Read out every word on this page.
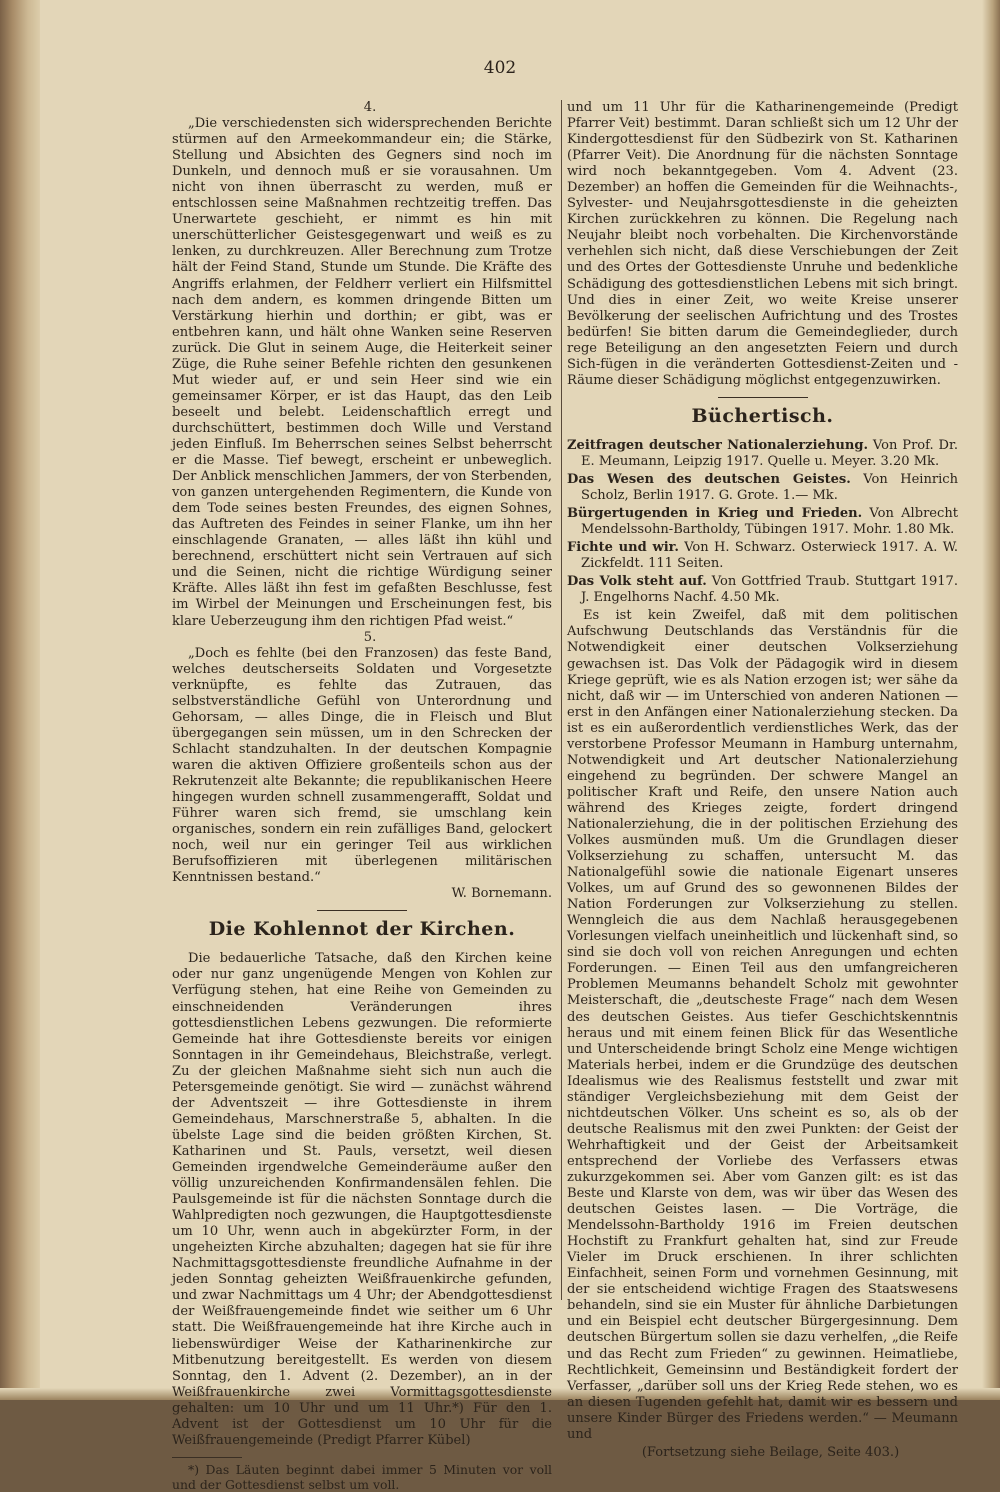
402

4.

„Die verschiedensten sich widersprechenden Berichte stürmen auf den Armeekommandeur ein; die Stärke, Stellung und Absichten des Gegners sind noch im Dunkeln, und dennoch muß er sie vorausahnen. Um nicht von ihnen überrascht zu werden, muß er entschlossen seine Maßnahmen rechtzeitig treffen. Das Unerwartete geschieht, er nimmt es hin mit unerschütterlicher Geistesgegenwart und weiß es zu lenken, zu durchkreuzen. Aller Berechnung zum Trotze hält der Feind Stand, Stunde um Stunde. Die Kräfte des Angriffs erlahmen, der Feldherr verliert ein Hilfsmittel nach dem andern, es kommen dringende Bitten um Verstärkung hierhin und dorthin; er gibt, was er entbehren kann, und hält ohne Wanken seine Reserven zurück. Die Glut in seinem Auge, die Heiterkeit seiner Züge, die Ruhe seiner Befehle richten den gesunkenen Mut wieder auf, er und sein Heer sind wie ein gemeinsamer Körper, er ist das Haupt, das den Leib beseelt und belebt. Leidenschaftlich erregt und durchschüttert, bestimmen doch Wille und Verstand jeden Einfluß. Im Beherrschen seines Selbst beherrscht er die Masse. Tief bewegt, erscheint er unbeweglich. Der Anblick menschlichen Jammers, der von Sterbenden, von ganzen untergehenden Regimentern, die Kunde von dem Tode seines besten Freundes, des eignen Sohnes, das Auftreten des Feindes in seiner Flanke, um ihn her einschlagende Granaten, — alles läßt ihn kühl und berechnend, erschüttert nicht sein Vertrauen auf sich und die Seinen, nicht die richtige Würdigung seiner Kräfte. Alles läßt ihn fest im gefaßten Beschlusse, fest im Wirbel der Meinungen und Erscheinungen fest, bis klare Ueberzeugung ihm den richtigen Pfad weist.“

5.

„Doch es fehlte (bei den Franzosen) das feste Band, welches deutscherseits Soldaten und Vorgesetzte verknüpfte, es fehlte das Zutrauen, das selbstverständliche Gefühl von Unterordnung und Gehorsam, — alles Dinge, die in Fleisch und Blut übergegangen sein müssen, um in den Schrecken der Schlacht standzuhalten. In der deutschen Kompagnie waren die aktiven Offiziere großenteils schon aus der Rekrutenzeit alte Bekannte; die republikanischen Heere hingegen wurden schnell zusammengerafft, Soldat und Führer waren sich fremd, sie umschlang kein organisches, sondern ein rein zufälliges Band, gelockert noch, weil nur ein geringer Teil aus wirklichen Berufsoffizieren mit überlegenen militärischen Kenntnissen bestand.“

W. Bornemann.

Die Kohlennot der Kirchen.

Die bedauerliche Tatsache, daß den Kirchen keine oder nur ganz ungenügende Mengen von Kohlen zur Verfügung stehen, hat eine Reihe von Gemeinden zu einschneidenden Veränderungen ihres gottesdienstlichen Lebens gezwungen. Die reformierte Gemeinde hat ihre Gottesdienste bereits vor einigen Sonntagen in ihr Gemeindehaus, Bleichstraße, verlegt. Zu der gleichen Maßnahme sieht sich nun auch die Petersgemeinde genötigt. Sie wird — zunächst während der Adventszeit — ihre Gottesdienste in ihrem Gemeindehaus, Marschnerstraße 5, abhalten. In die übelste Lage sind die beiden größten Kirchen, St. Katharinen und St. Pauls, versetzt, weil diesen Gemeinden irgendwelche Gemeinderäume außer den völlig unzureichenden Konfirmandensälen fehlen. Die Paulsgemeinde ist für die nächsten Sonntage durch die Wahlpredigten noch gezwungen, die Hauptgottesdienste um 10 Uhr, wenn auch in abgekürzter Form, in der ungeheizten Kirche abzuhalten; dagegen hat sie für ihre Nachmittagsgottesdienste freundliche Aufnahme in der jeden Sonntag geheizten Weißfrauenkirche gefunden, und zwar Nachmittags um 4 Uhr; der Abendgottesdienst der Weißfrauengemeinde findet wie seither um 6 Uhr statt. Die Weißfrauengemeinde hat ihre Kirche auch in liebenswürdiger Weise der Katharinenkirche zur Mitbenutzung bereitgestellt. Es werden von diesem Sonntag, den 1. Advent (2. Dezember), an in der Weißfrauenkirche zwei Vormittagsgottesdienste gehalten: um 10 Uhr und um 11 Uhr.*) Für den 1. Advent ist der Gottesdienst um 10 Uhr für die Weißfrauengemeinde (Predigt Pfarrer Kübel)

*) Das Läuten beginnt dabei immer 5 Minuten vor voll und der Gottesdienst selbst um voll.

und um 11 Uhr für die Katharinengemeinde (Predigt Pfarrer Veit) bestimmt. Daran schließt sich um 12 Uhr der Kindergottesdienst für den Südbezirk von St. Katharinen (Pfarrer Veit). Die Anordnung für die nächsten Sonntage wird noch bekanntgegeben. Vom 4. Advent (23. Dezember) an hoffen die Gemeinden für die Weihnachts-, Sylvester- und Neujahrsgottesdienste in die geheizten Kirchen zurückkehren zu können. Die Regelung nach Neujahr bleibt noch vorbehalten. Die Kirchenvorstände verhehlen sich nicht, daß diese Verschiebungen der Zeit und des Ortes der Gottesdienste Unruhe und bedenkliche Schädigung des gottesdienstlichen Lebens mit sich bringt. Und dies in einer Zeit, wo weite Kreise unserer Bevölkerung der seelischen Aufrichtung und des Trostes bedürfen! Sie bitten darum die Gemeindeglieder, durch rege Beteiligung an den angesetzten Feiern und durch Sich-fügen in die veränderten Gottesdienst-Zeiten und -Räume dieser Schädigung möglichst entgegenzuwirken.

Büchertisch.

Zeitfragen deutscher Nationalerziehung. Von Prof. Dr. E. Meumann, Leipzig 1917. Quelle u. Meyer. 3.20 Mk.

Das Wesen des deutschen Geistes. Von Heinrich Scholz, Berlin 1917. G. Grote. 1.— Mk.

Bürgertugenden in Krieg und Frieden. Von Albrecht Mendelssohn-Bartholdy, Tübingen 1917. Mohr. 1.80 Mk.

Fichte und wir. Von H. Schwarz. Osterwieck 1917. A. W. Zickfeldt. 111 Seiten.

Das Volk steht auf. Von Gottfried Traub. Stuttgart 1917. J. Engelhorns Nachf. 4.50 Mk.

Es ist kein Zweifel, daß mit dem politischen Aufschwung Deutschlands das Verständnis für die Notwendigkeit einer deutschen Volkserziehung gewachsen ist. Das Volk der Pädagogik wird in diesem Kriege geprüft, wie es als Nation erzogen ist; wer sähe da nicht, daß wir — im Unterschied von anderen Nationen — erst in den Anfängen einer Nationalerziehung stecken. Da ist es ein außerordentlich verdienstliches Werk, das der verstorbene Professor Meumann in Hamburg unternahm, Notwendigkeit und Art deutscher Nationalerziehung eingehend zu begründen. Der schwere Mangel an politischer Kraft und Reife, den unsere Nation auch während des Krieges zeigte, fordert dringend Nationalerziehung, die in der politischen Erziehung des Volkes ausmünden muß. Um die Grundlagen dieser Volkserziehung zu schaffen, untersucht M. das Nationalgefühl sowie die nationale Eigenart unseres Volkes, um auf Grund des so gewonnenen Bildes der Nation Forderungen zur Volkserziehung zu stellen. Wenngleich die aus dem Nachlaß herausgegebenen Vorlesungen vielfach uneinheitlich und lückenhaft sind, so sind sie doch voll von reichen Anregungen und echten Forderungen. — Einen Teil aus den umfangreicheren Problemen Meumanns behandelt Scholz mit gewohnter Meisterschaft, die „deutscheste Frage“ nach dem Wesen des deutschen Geistes. Aus tiefer Geschichtskenntnis heraus und mit einem feinen Blick für das Wesentliche und Unterscheidende bringt Scholz eine Menge wichtigen Materials herbei, indem er die Grundzüge des deutschen Idealismus wie des Realismus feststellt und zwar mit ständiger Vergleichsbeziehung mit dem Geist der nichtdeutschen Völker. Uns scheint es so, als ob der deutsche Realismus mit den zwei Punkten: der Geist der Wehrhaftigkeit und der Geist der Arbeitsamkeit entsprechend der Vorliebe des Verfassers etwas zukurzgekommen sei. Aber vom Ganzen gilt: es ist das Beste und Klarste von dem, was wir über das Wesen des deutschen Geistes lasen. — Die Vorträge, die Mendelssohn-Bartholdy 1916 im Freien deutschen Hochstift zu Frankfurt gehalten hat, sind zur Freude Vieler im Druck erschienen. In ihrer schlichten Einfachheit, seinen Form und vornehmen Gesinnung, mit der sie entscheidend wichtige Fragen des Staatswesens behandeln, sind sie ein Muster für ähnliche Darbietungen und ein Beispiel echt deutscher Bürgergesinnung. Dem deutschen Bürgertum sollen sie dazu verhelfen, „die Reife und das Recht zum Frieden“ zu gewinnen. Heimatliebe, Rechtlichkeit, Gemeinsinn und Beständigkeit fordert der Verfasser, „darüber soll uns der Krieg Rede stehen, wo es an diesen Tugenden gefehlt hat, damit wir es bessern und unsere Kinder Bürger des Friedens werden.“ — Meumann und

(Fortsetzung siehe Beilage, Seite 403.)
